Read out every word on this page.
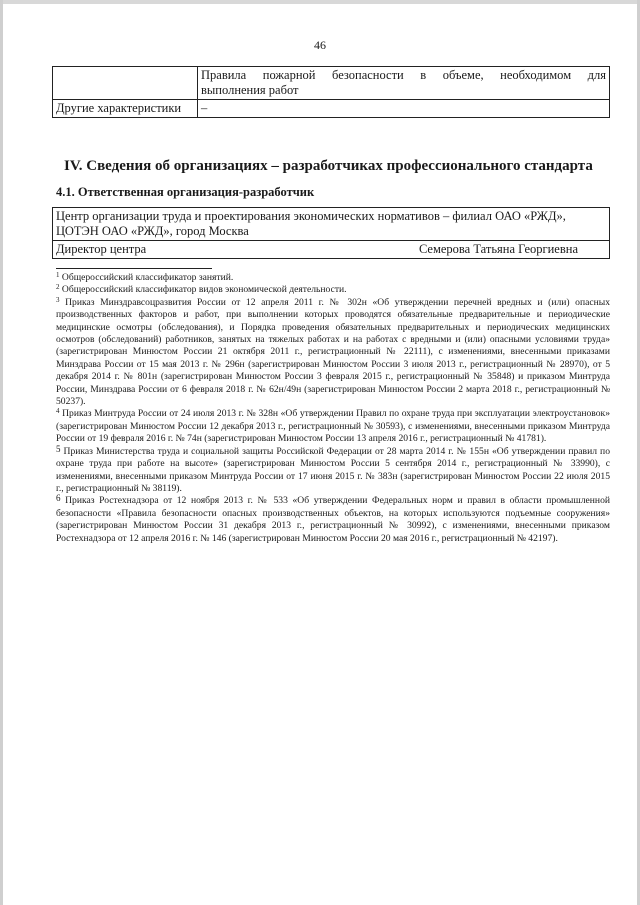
46

	Правила пожарной безопасности в объеме, необходимом для
выполнения работ

Другие характеристики	–
IV. Сведения об организациях – разработчиках профессионального стандарта
4.1. Ответственная организация-разработчик
Центр организации труда и проектирования экономических нормативов – филиал ОАО «РЖД»,
ЦОТЭН ОАО «РЖД», город Москва

Директор центра	Семерова Татьяна Георгиевна

$^1$ Общероссийский классификатор занятий.

$^2$ Общероссийский классификатор видов экономической деятельности.

$^3$ Приказ Минздравсоцразвития России от 12 апреля 2011 г. № 302н «Об утверждении перечней вредных и (или) опасных производственных факторов и работ, при выполнении которых проводятся обязательные предварительные и периодические медицинские осмотры (обследования), и Порядка проведения обязательных предварительных и периодических медицинских осмотров (обследований) работников, занятых на тяжелых работах и на работах с вредными и (или) опасными условиями труда» (зарегистрирован Минюстом России 21 октября 2011 г., регистрационный № 22111), с изменениями, внесенными приказами Минздрава России от 15 мая 2013 г. № 296н (зарегистрирован Минюстом России 3 июля 2013 г., регистрационный № 28970), от 5 декабря 2014 г. № 801н (зарегистрирован Минюстом России 3 февраля 2015 г., регистрационный № 35848) и приказом Минтруда России, Минздрава России от 6 февраля 2018 г. № 62н/49н (зарегистрирован Минюстом России 2 марта 2018 г., регистрационный № 50237).

$^4$ Приказ Минтруда России от 24 июля 2013 г. № 328н «Об утверждении Правил по охране труда при эксплуатации электроустановок» (зарегистрирован Минюстом России 12 декабря 2013 г., регистрационный № 30593), с изменениями, внесенными приказом Минтруда России от 19 февраля 2016 г. № 74н (зарегистрирован Минюстом России 13 апреля 2016 г., регистрационный № 41781).

$^5$ Приказ Министерства труда и социальной защиты Российской Федерации от 28 марта 2014 г. № 155н «Об утверждении правил по охране труда при работе на высоте» (зарегистрирован Минюстом России 5 сентября 2014 г., регистрационный № 33990), с изменениями, внесенными приказом Минтруда России от 17 июня 2015 г. № 383н (зарегистрирован Минюстом России 22 июля 2015 г., регистрационный № 38119).

$^6$ Приказ Ростехнадзора от 12 ноября 2013 г. № 533 «Об утверждении Федеральных норм и правил в области промышленной безопасности «Правила безопасности опасных производственных объектов, на которых используются подъемные сооружения» (зарегистрирован Минюстом России 31 декабря 2013 г., регистрационный № 30992), с изменениями, внесенными приказом Ростехнадзора от 12 апреля 2016 г. № 146 (зарегистрирован Минюстом России 20 мая 2016 г., регистрационный № 42197).
